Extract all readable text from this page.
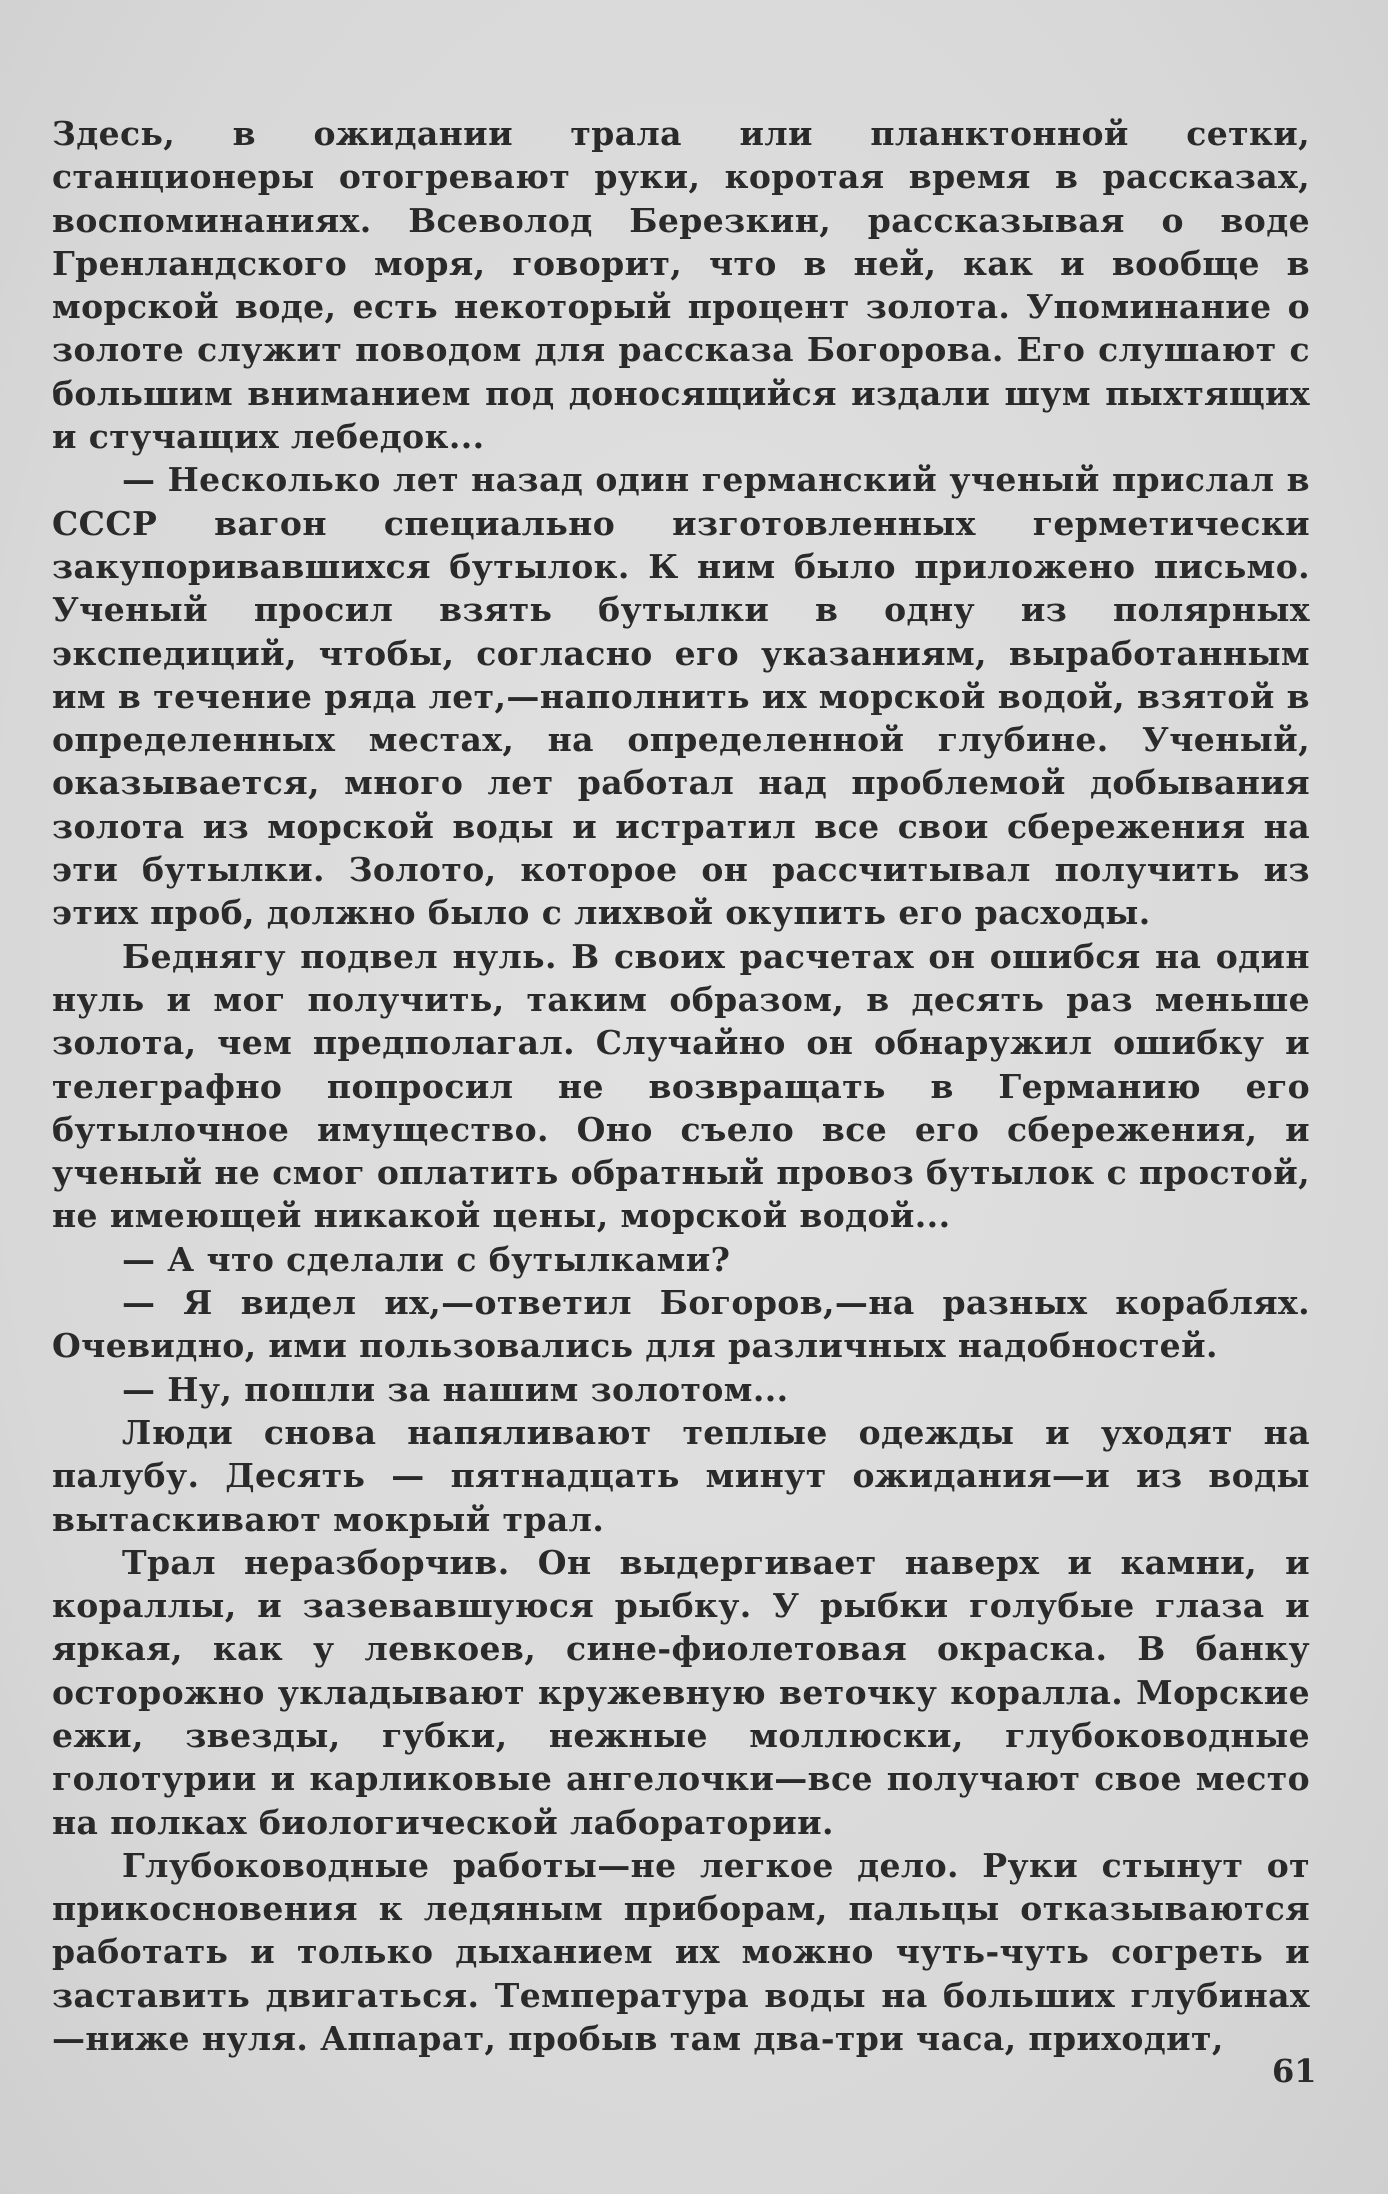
Здесь, в ожидании трала или планктонной сетки, станционеры отогревают руки, коротая время в рассказах, воспоминаниях. Всеволод Березкин, рассказывая о воде Гренландского моря, говорит, что в ней, как и вообще в морской воде, есть некоторый процент золота. Упоминание о золоте служит поводом для рассказа Богорова. Его слушают с большим вниманием под доносящийся издали шум пыхтящих и стучащих лебедок...

— Несколько лет назад один германский ученый прислал в СССР вагон специально изготовленных герметически закупоривавшихся бутылок. К ним было приложено письмо. Ученый просил взять бутылки в одну из полярных экспедиций, чтобы, согласно его указаниям, выработанным им в течение ряда лет,—наполнить их морской водой, взятой в определенных местах, на определенной глубине. Ученый, оказывается, много лет работал над проблемой добывания золота из морской воды и истратил все свои сбережения на эти бутылки. Золото, которое он рассчитывал получить из этих проб, должно было с лихвой окупить его расходы.

Беднягу подвел нуль. В своих расчетах он ошибся на один нуль и мог получить, таким образом, в десять раз меньше золота, чем предполагал. Случайно он обнаружил ошибку и телеграфно попросил не возвращать в Германию его бутылочное имущество. Оно съело все его сбережения, и ученый не смог оплатить обратный провоз бутылок с простой, не имеющей никакой цены, морской водой...

— А что сделали с бутылками?

— Я видел их,—ответил Богоров,—на разных кораблях. Очевидно, ими пользовались для различных надобностей.

— Ну, пошли за нашим золотом...

Люди снова напяливают теплые одежды и уходят на палубу. Десять — пятнадцать минут ожидания—и из воды вытаскивают мокрый трал.

Трал неразборчив. Он выдергивает наверх и камни, и кораллы, и зазевавшуюся рыбку. У рыбки голубые глаза и яркая, как у левкоев, сине-фиолетовая окраска. В банку осторожно укладывают кружевную веточку коралла. Морские ежи, звезды, губки, нежные моллюски, глубоководные голотурии и карликовые ангелочки—все получают свое место на полках биологической лаборатории.

Глубоководные работы—не легкое дело. Руки стынут от прикосновения к ледяным приборам, пальцы отказываются работать и только дыханием их можно чуть-чуть согреть и заставить двигаться. Температура воды на больших глубинах—ниже нуля. Аппарат, пробыв там два-три часа, приходит,

61
